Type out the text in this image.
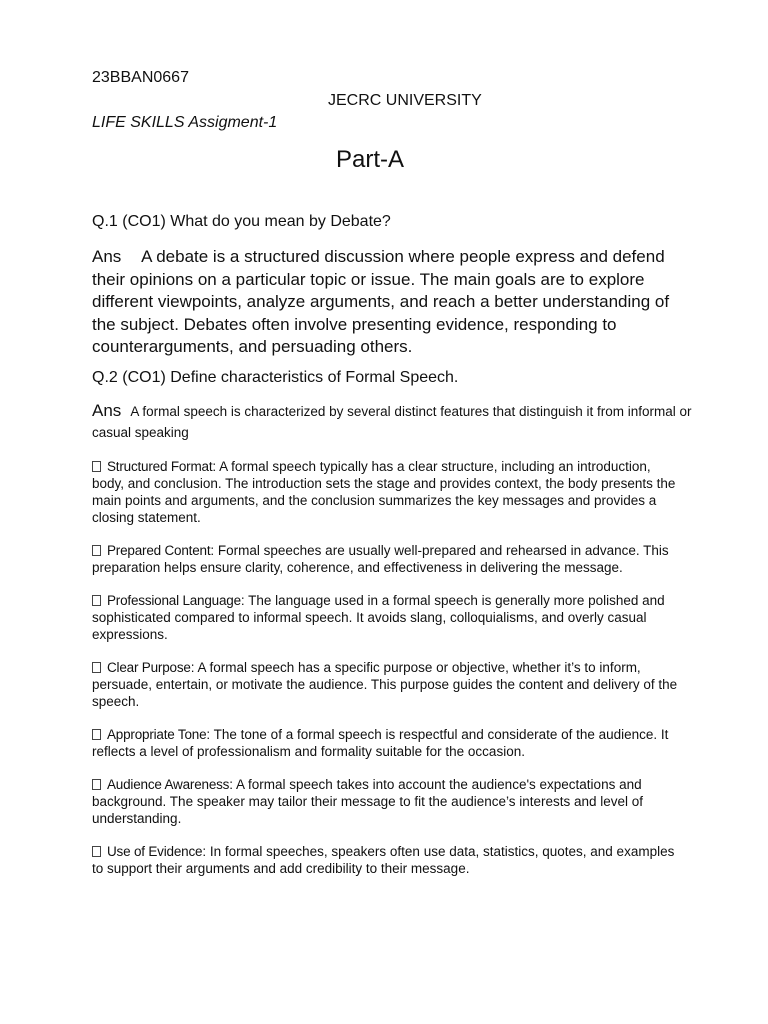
23BBAN0667
JECRC UNIVERSITY
LIFE SKILLS Assigment-1
Part-A
Q.1 (CO1) What do you mean by Debate?
Ans A debate is a structured discussion where people express and defend their opinions on a particular topic or issue. The main goals are to explore different viewpoints, analyze arguments, and reach a better understanding of the subject. Debates often involve presenting evidence, responding to counterarguments, and persuading others.
Q.2 (CO1) Define characteristics of Formal Speech.
Ans A formal speech is characterized by several distinct features that distinguish it from informal or casual speaking
Structured Format: A formal speech typically has a clear structure, including an introduction, body, and conclusion. The introduction sets the stage and provides context, the body presents the main points and arguments, and the conclusion summarizes the key messages and provides a closing statement.
Prepared Content: Formal speeches are usually well-prepared and rehearsed in advance. This preparation helps ensure clarity, coherence, and effectiveness in delivering the message.
Professional Language: The language used in a formal speech is generally more polished and sophisticated compared to informal speech. It avoids slang, colloquialisms, and overly casual expressions.
Clear Purpose: A formal speech has a specific purpose or objective, whether it’s to inform, persuade, entertain, or motivate the audience. This purpose guides the content and delivery of the speech.
Appropriate Tone: The tone of a formal speech is respectful and considerate of the audience. It reflects a level of professionalism and formality suitable for the occasion.
Audience Awareness: A formal speech takes into account the audience's expectations and background. The speaker may tailor their message to fit the audience’s interests and level of understanding.
Use of Evidence: In formal speeches, speakers often use data, statistics, quotes, and examples to support their arguments and add credibility to their message.
